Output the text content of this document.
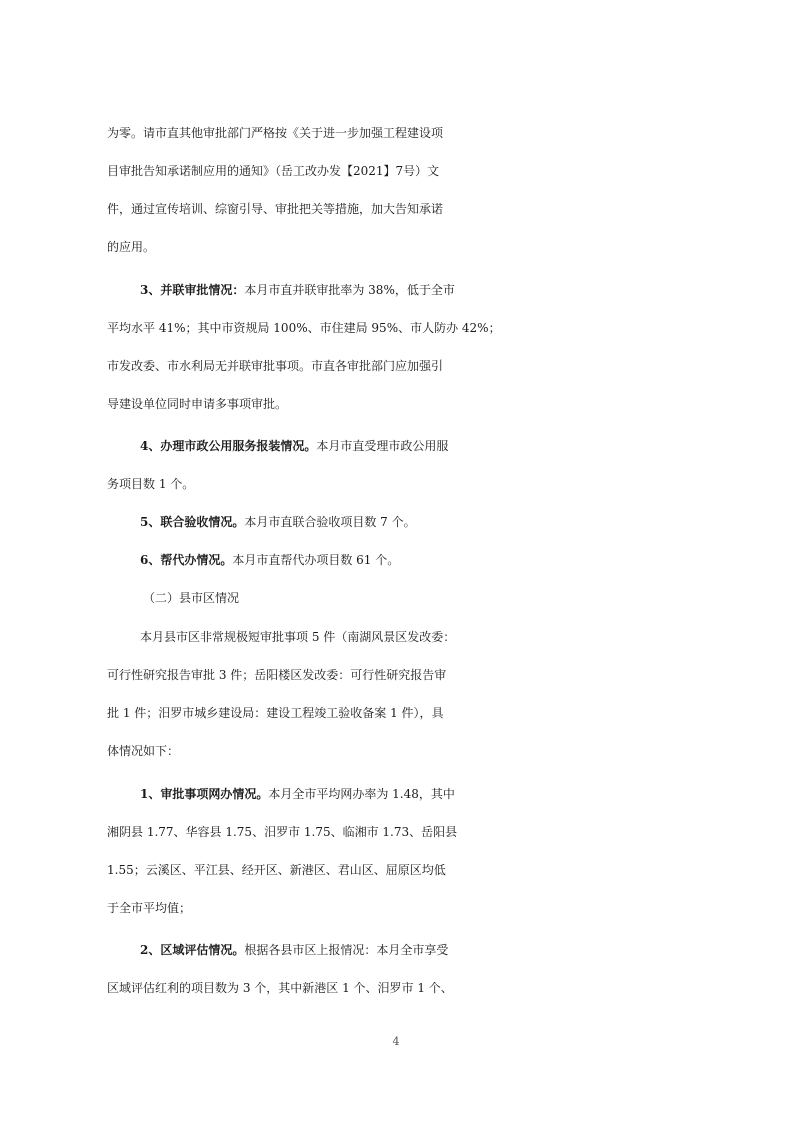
为零。请市直其他审批部门严格按《关于进一步加强工程建设项
目审批告知承诺制应用的通知》（岳工改办发【2021】7号）文
件，通过宣传培训、综窗引导、审批把关等措施，加大告知承诺
的应用。
3、并联审批情况：本月市直并联审批率为 38%，低于全市
平均水平 41%；其中市资规局 100%、市住建局 95%、市人防办 42%；
市发改委、市水利局无并联审批事项。市直各审批部门应加强引
导建设单位同时申请多事项审批。
4、办理市政公用服务报装情况。本月市直受理市政公用服
务项目数 1 个。
5、联合验收情况。本月市直联合验收项目数 7 个。
6、帮代办情况。本月市直帮代办项目数 61 个。
（二）县市区情况
本月县市区非常规极短审批事项 5 件（南湖风景区发改委：
可行性研究报告审批 3 件；岳阳楼区发改委：可行性研究报告审
批 1 件；汨罗市城乡建设局：建设工程竣工验收备案 1 件），具
体情况如下：
1、审批事项网办情况。本月全市平均网办率为 1.48，其中
湘阴县 1.77、华容县 1.75、汨罗市 1.75、临湘市 1.73、岳阳县
1.55；云溪区、平江县、经开区、新港区、君山区、屈原区均低
于全市平均值；
2、区域评估情况。根据各县市区上报情况：本月全市享受
区域评估红利的项目数为 3 个，其中新港区 1 个、汨罗市 1 个、
4
